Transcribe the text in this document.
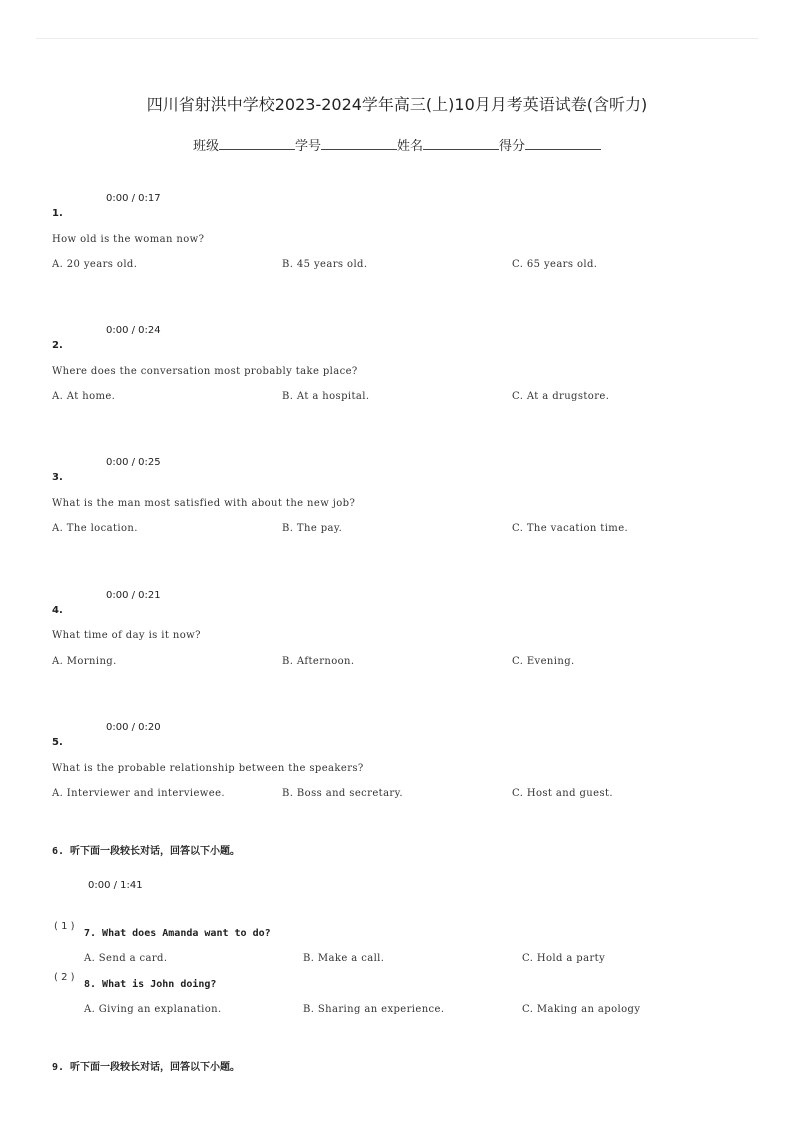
四川省射洪中学校2023-2024学年高三(上)10月月考英语试卷(含听力)
班级	学号	姓名	得分
0:00 / 0:17
1.
How old is the woman now?
A. 20 years old.	B. 45 years old.	C. 65 years old.
0:00 / 0:24
2.
Where does the conversation most probably take place?
A. At home.	B. At a hospital.	C. At a drugstore.
0:00 / 0:25
3.
What is the man most satisfied with about the new job?
A. The location.	B. The pay.	C. The vacation time.
0:00 / 0:21
4.
What time of day is it now?
A. Morning.	B. Afternoon.	C. Evening.
0:00 / 0:20
5.
What is the probable relationship between the speakers?
A. Interviewer and interviewee.	B. Boss and secretary.	C. Host and guest.
6. 听下面一段较长对话，回答以下小题。
0:00 / 1:41
( 1 )
7. What does Amanda want to do?
A. Send a card.	B. Make a call.	C. Hold a party
( 2 )
8. What is John doing?
A. Giving an explanation.	B. Sharing an experience.	C. Making an apology
9. 听下面一段较长对话，回答以下小题。
